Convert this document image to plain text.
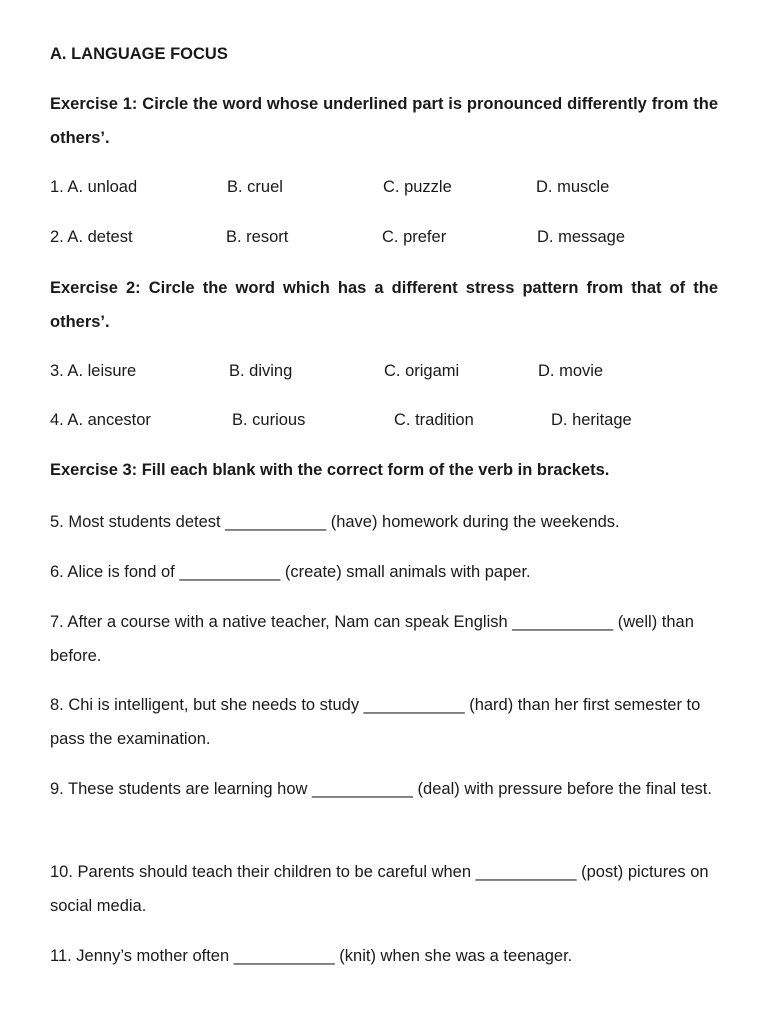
A. LANGUAGE FOCUS
Exercise 1: Circle the word whose underlined part is pronounced differently from the others’.
1. A. unload	B. cruel	C. puzzle	D. muscle
2. A. detest	B. resort	C. prefer	D. message
Exercise 2: Circle the word which has a different stress pattern from that of the others’.
3. A. leisure	B. diving	C. origami	D. movie
4. A. ancestor	B. curious	C. tradition	D. heritage
Exercise 3: Fill each blank with the correct form of the verb in brackets.
5. Most students detest ___________ (have) homework during the weekends.
6. Alice is fond of ___________ (create) small animals with paper.
7. After a course with a native teacher, Nam can speak English ___________ (well) than before.
8. Chi is intelligent, but she needs to study ___________ (hard) than her first semester to pass the examination.
9. These students are learning how ___________ (deal) with pressure before the final test.
10. Parents should teach their children to be careful when ___________ (post) pictures on social media.
11. Jenny’s mother often ___________ (knit) when she was a teenager.
